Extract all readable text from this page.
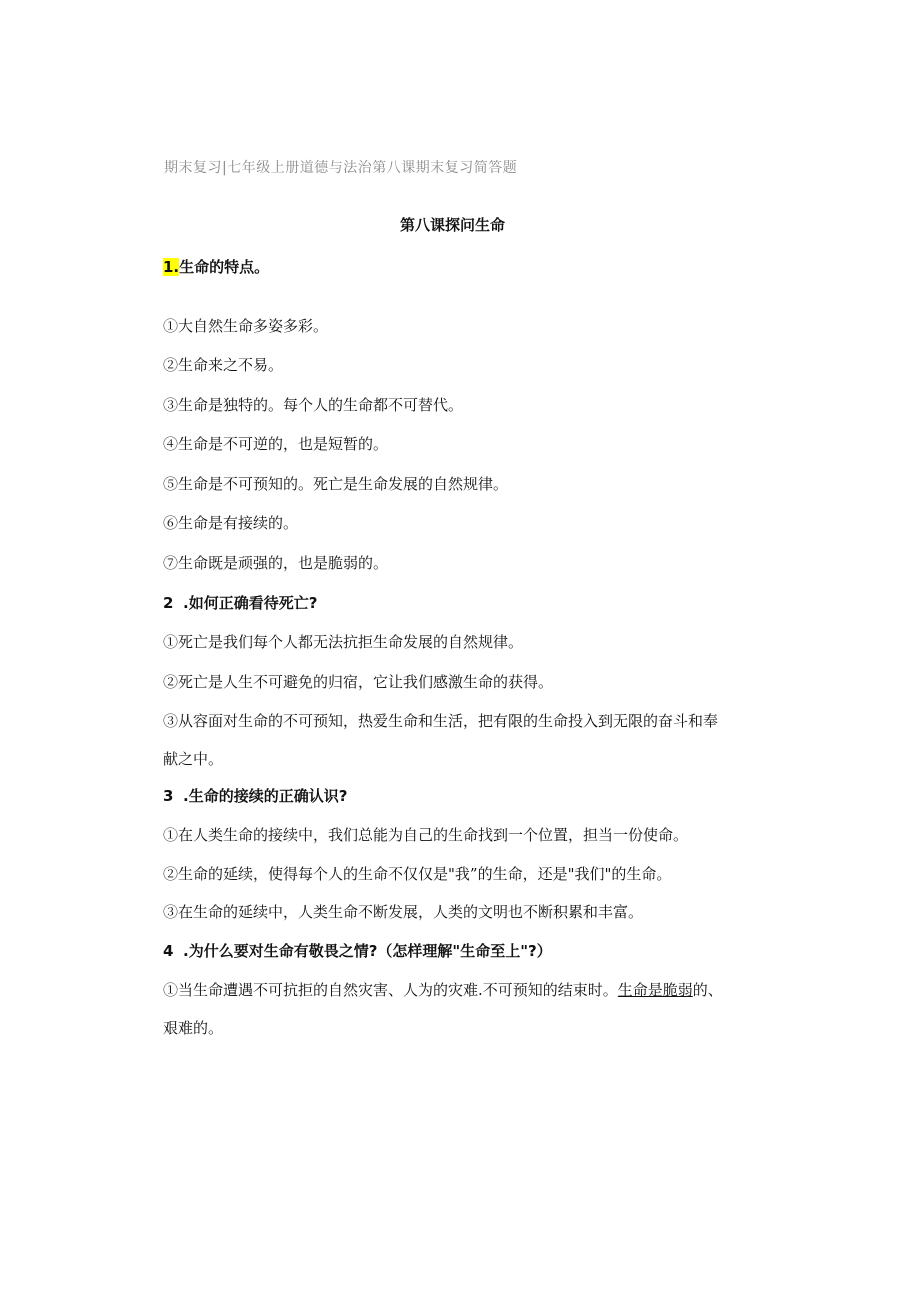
期末复习|七年级上册道德与法治第八课期末复习简答题
第八课探问生命
1.生命的特点。
①大自然生命多姿多彩。
②生命来之不易。
③生命是独特的。每个人的生命都不可替代。
④生命是不可逆的，也是短暂的。
⑤生命是不可预知的。死亡是生命发展的自然规律。
⑥生命是有接续的。
⑦生命既是顽强的，也是脆弱的。
2 .如何正确看待死亡?
①死亡是我们每个人都无法抗拒生命发展的自然规律。
②死亡是人生不可避免的归宿，它让我们感激生命的获得。
③从容面对生命的不可预知，热爱生命和生活，把有限的生命投入到无限的奋斗和奉
献之中。
3 .生命的接续的正确认识?
①在人类生命的接续中，我们总能为自己的生命找到一个位置，担当一份使命。
②生命的延续，使得每个人的生命不仅仅是"我”的生命，还是"我们"的生命。
③在生命的延续中，人类生命不断发展，人类的文明也不断积累和丰富。
4 .为什么要对生命有敬畏之情?（怎样理解"生命至上"?）
①当生命遭遇不可抗拒的自然灾害、人为的灾难.不可预知的结束时。生命是脆弱的、
艰难的。
